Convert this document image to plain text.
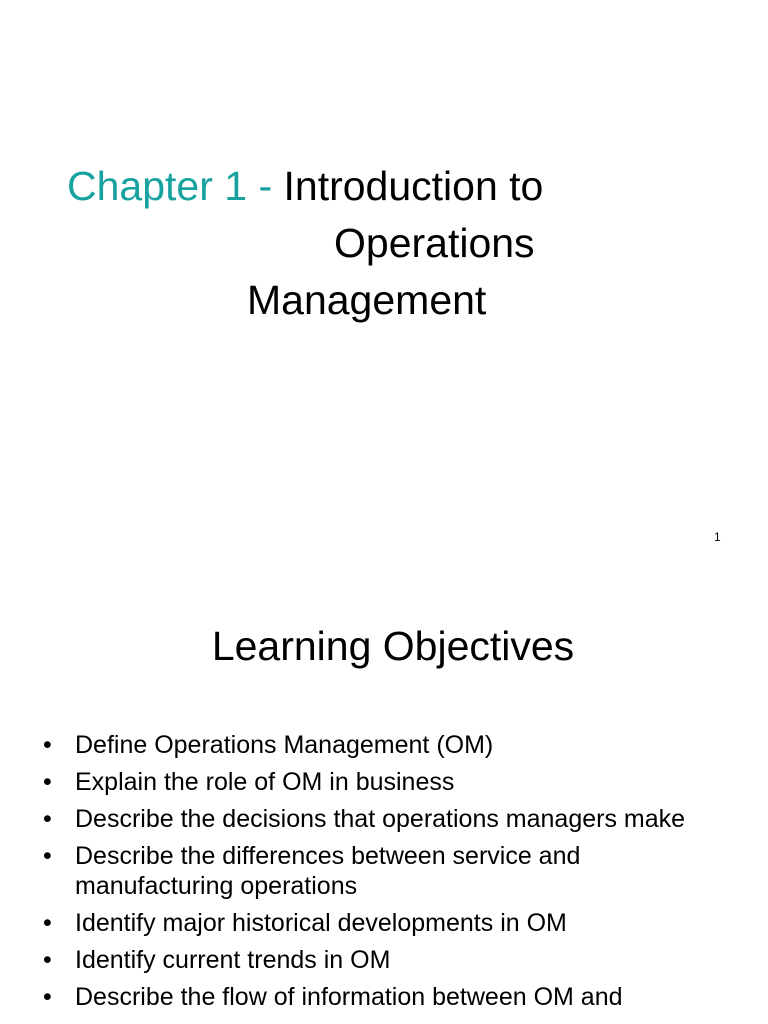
Chapter 1 - Introduction to
Operations
Management
1
Learning Objectives
• Define Operations Management (OM)
• Explain the role of OM in business
• Describe the decisions that operations managers make
• Describe the differences between service and manufacturing operations
• Identify major historical developments in OM
• Identify current trends in OM
• Describe the flow of information between OM and
